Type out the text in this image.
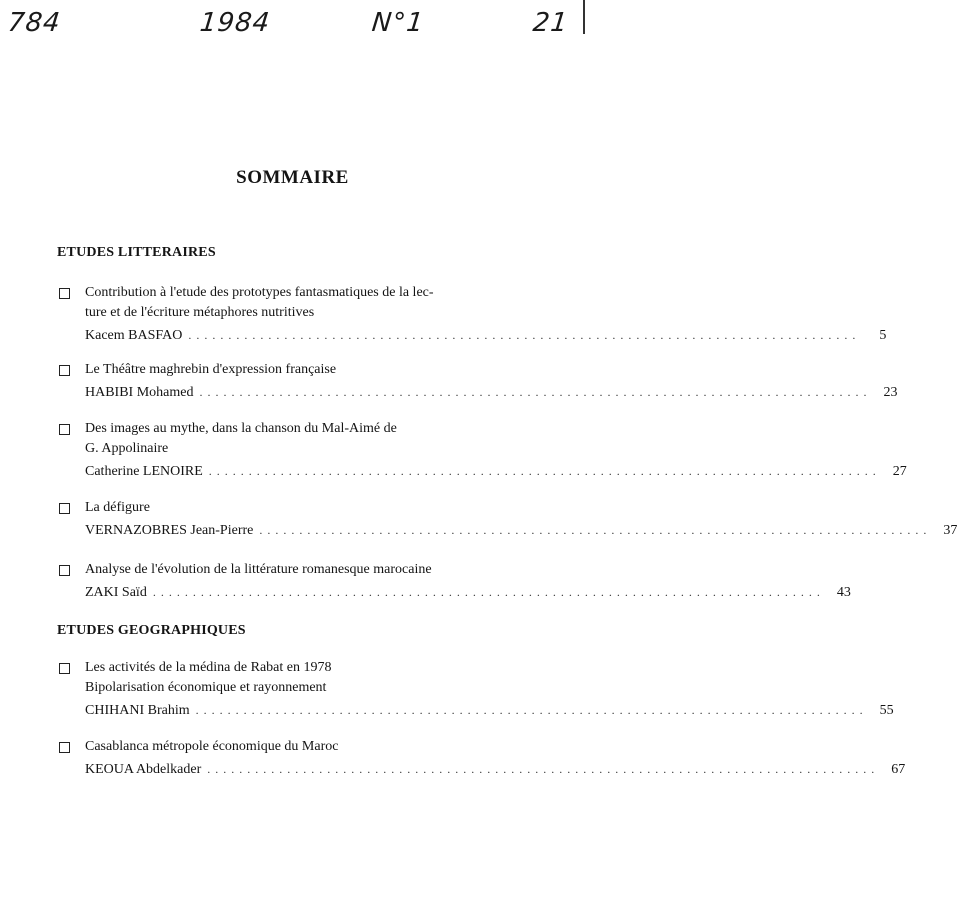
784	1984	N°1	21
SOMMAIRE
ETUDES LITTERAIRES
Contribution à l'etude des prototypes fantasmatiques de la lec-
ture et de l'écriture métaphores nutritives
Kacem BASFAO ....................................................................................	5
Le Théâtre maghrebin d'expression française
HABIBI Mohamed .................................................................................... 23
Des images au mythe, dans la chanson du Mal-Aimé de
G. Appolinaire
Catherine LENOIRE .................................................................................... 27
La défigure
VERNAZOBRES Jean-Pierre .................................................................................... 37
Analyse de l'évolution de la littérature romanesque marocaine
ZAKI Saïd .................................................................................... 43
ETUDES GEOGRAPHIQUES
Les activités de la médina de Rabat en 1978
Bipolarisation économique et rayonnement
CHIHANI Brahim .................................................................................... 55
Casablanca métropole économique du Maroc
KEOUA Abdelkader .................................................................................... 67
